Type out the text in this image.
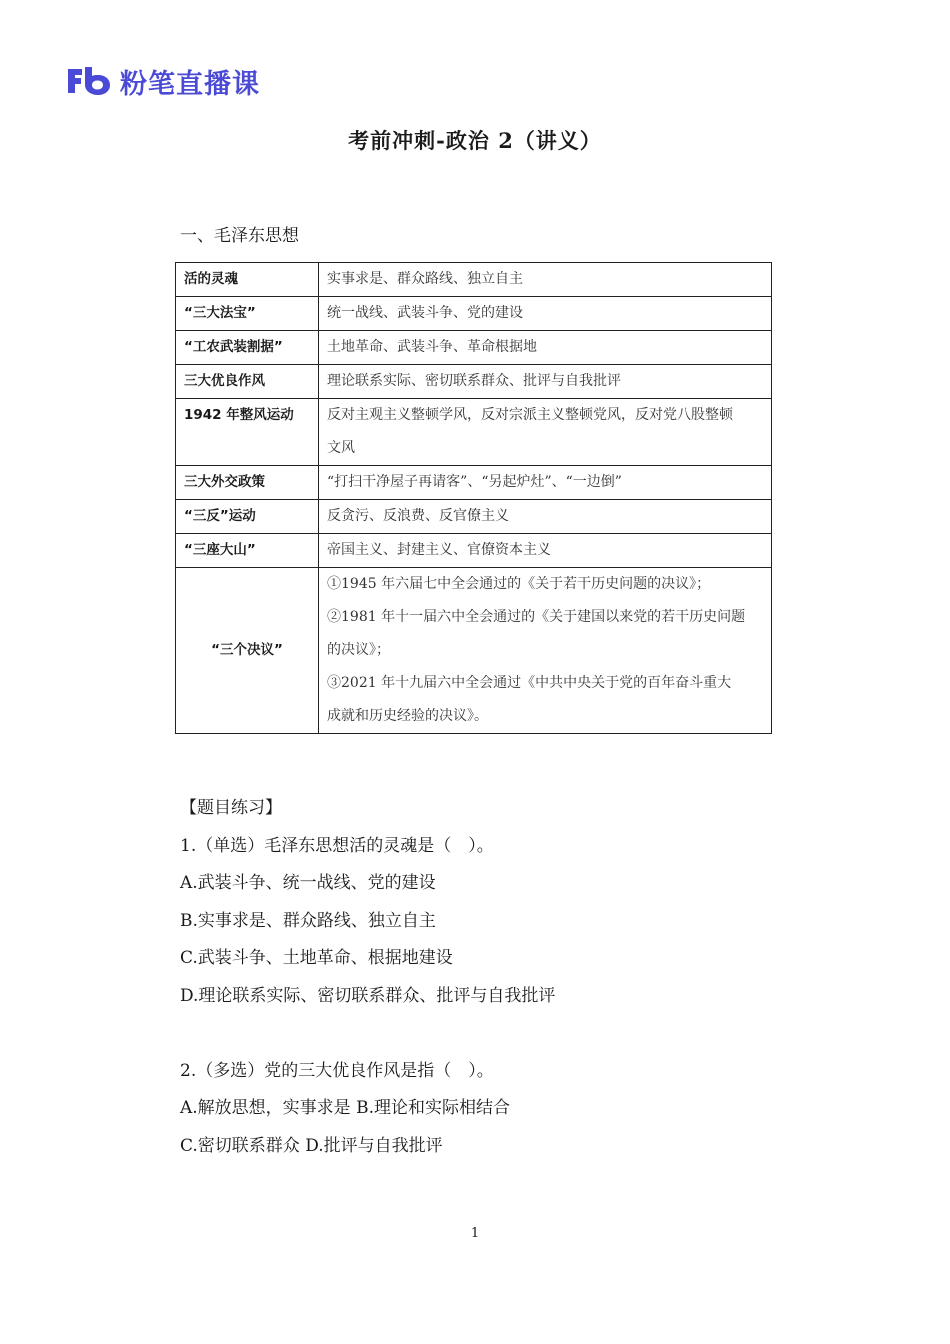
粉笔直播课
考前冲刺-政治 2（讲义）
一、毛泽东思想
活的灵魂	实事求是、群众路线、独立自主

“三大法宝”	统一战线、武装斗争、党的建设

“工农武装割据”	土地革命、武装斗争、革命根据地

三大优良作风	理论联系实际、密切联系群众、批评与自我批评

1942 年整风运动	反对主观主义整顿学风，反对宗派主义整顿党风，反对党八股整顿
文风

三大外交政策	“打扫干净屋子再请客”、“另起炉灶”、“一边倒”

“三反”运动	反贪污、反浪费、反官僚主义

“三座大山”	帝国主义、封建主义、官僚资本主义

“三个决议”	①1945 年六届七中全会通过的《关于若干历史问题的决议》；
②1981 年十一届六中全会通过的《关于建国以来党的若干历史问题
的决议》；
③2021 年十九届六中全会通过《中共中央关于党的百年奋斗重大
成就和历史经验的决议》。
【题目练习】
1.（单选）毛泽东思想活的灵魂是（　）。
A.武装斗争、统一战线、党的建设
B.实事求是、群众路线、独立自主
C.武装斗争、土地革命、根据地建设
D.理论联系实际、密切联系群众、批评与自我批评
2.（多选）党的三大优良作风是指（　）。
A.解放思想，实事求是 B.理论和实际相结合
C.密切联系群众 D.批评与自我批评
1
